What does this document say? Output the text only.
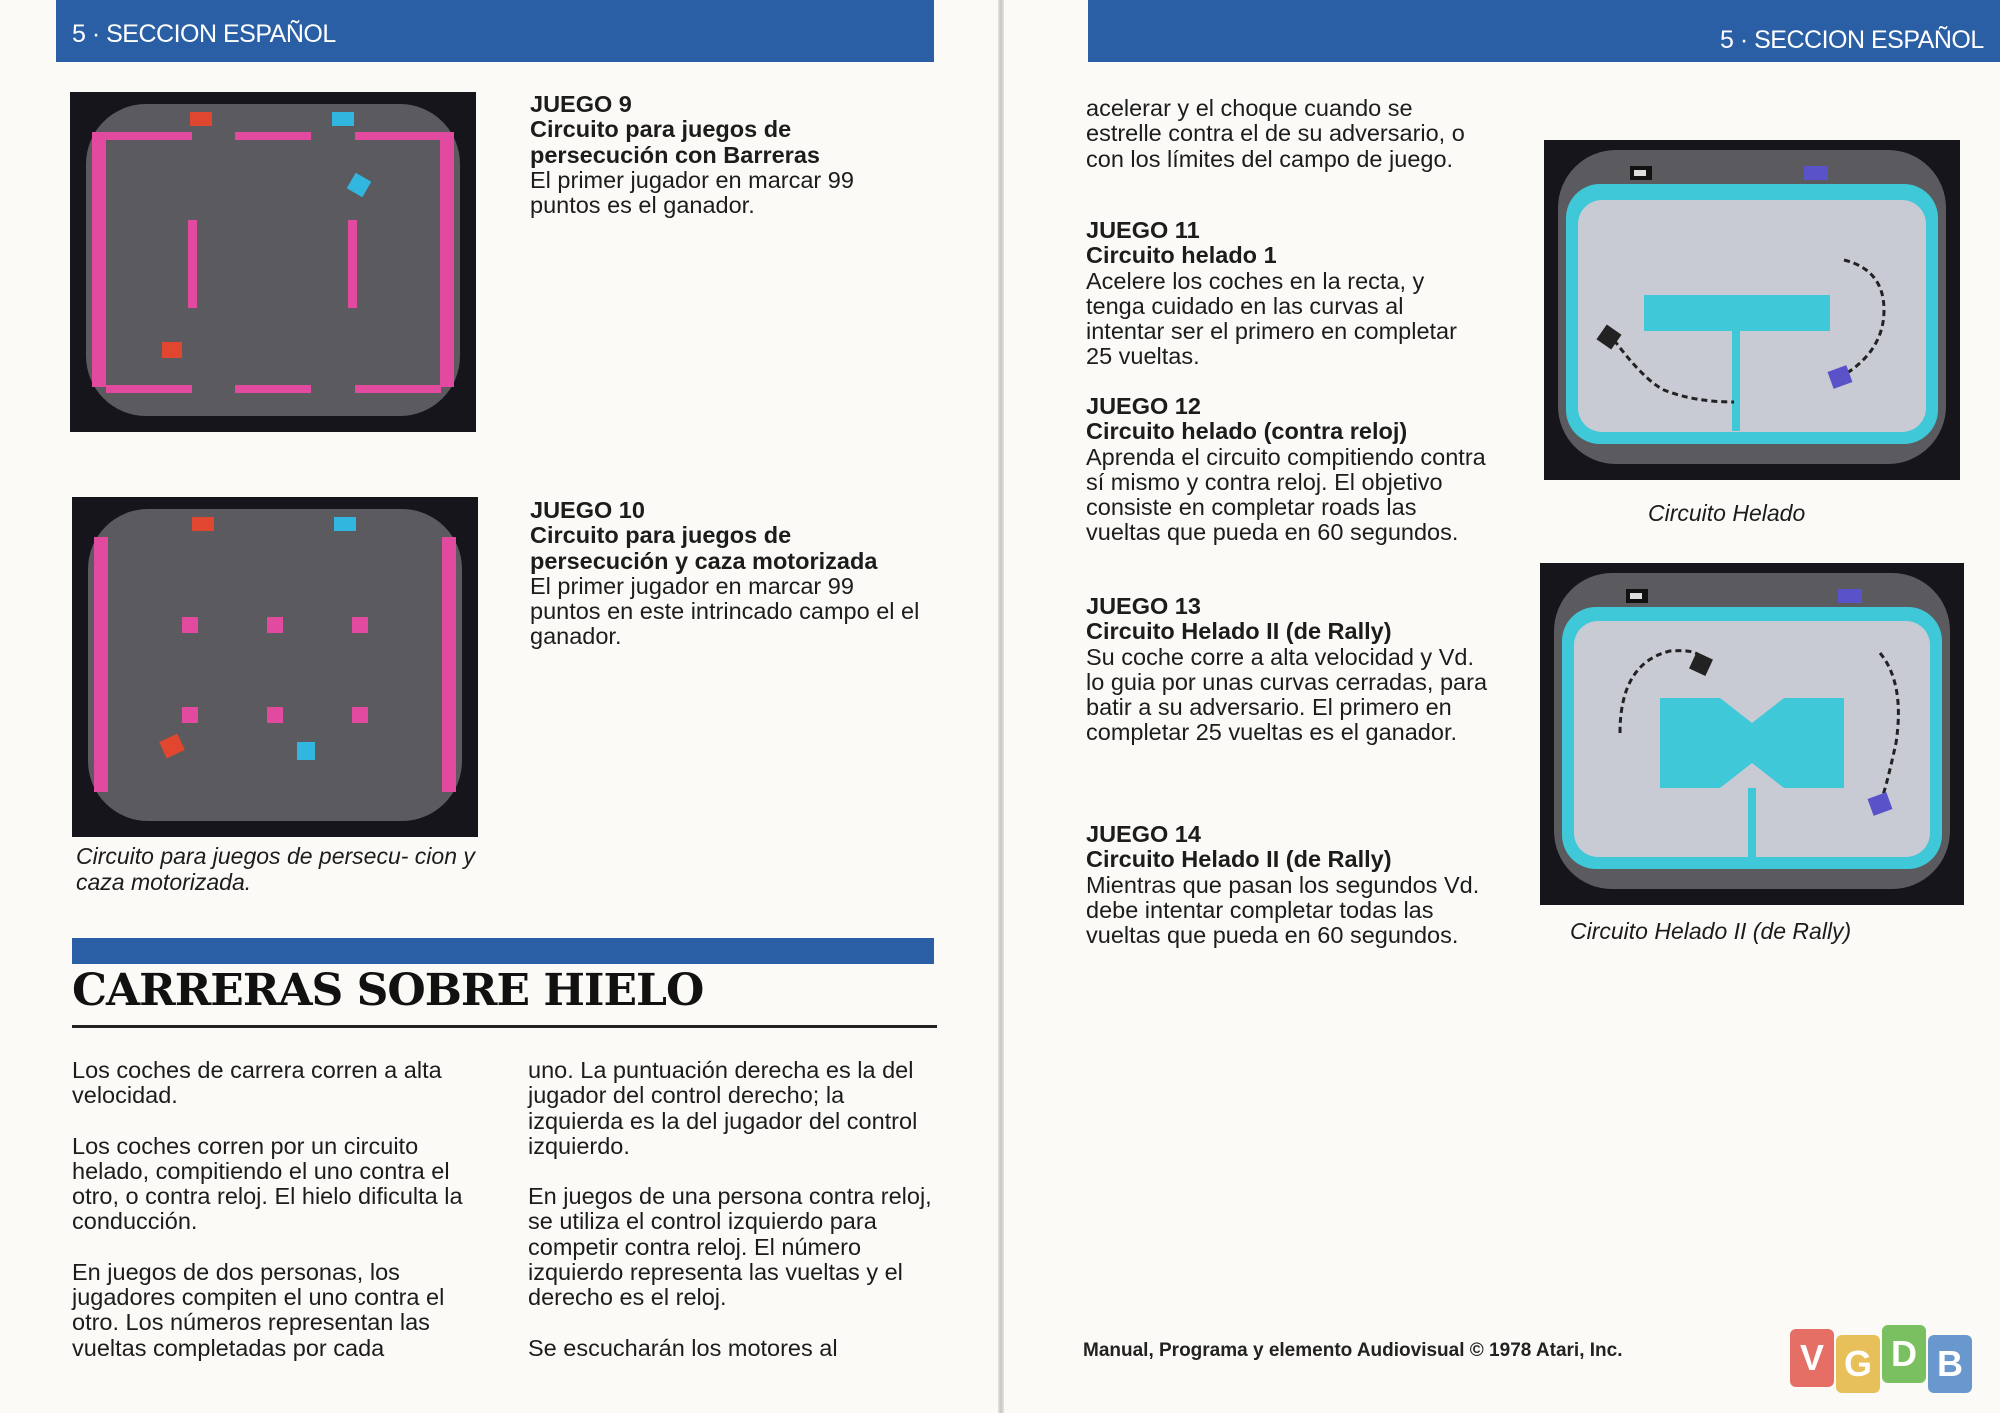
5 · SECCION ESPAÑOL	5 · SECCION ESPAÑOL
JUEGO 9
Circuito para juegos de persecución con Barreras
El primer jugador en marcar 99 puntos es el ganador.
JUEGO 10
Circuito para juegos de persecución y caza motorizada
El primer jugador en marcar 99 puntos en este intrincado campo el el ganador.
Circuito para juegos de persecu- cion y caza motorizada.
CARRERAS SOBRE HIELO

Los coches de carrera corren a alta velocidad.

Los coches corren por un circuito helado, compitiendo el uno contra el otro, o contra reloj. El hielo dificulta la conducción.

En juegos de dos personas, los jugadores compiten el uno contra el otro. Los números representan las vueltas completadas por cada

uno. La puntuación derecha es la del jugador del control derecho; la izquierda es la del jugador del control izquierdo.

En juegos de una persona contra reloj, se utiliza el control izquierdo para competir contra reloj. El número izquierdo representa las vueltas y el derecho es el reloj.

Se escucharán los motores al

acelerar y el choque cuando se estrelle contra el de su adversario, o con los límites del campo de juego.
JUEGO 11
Circuito helado 1
Acelere los coches en la recta, y tenga cuidado en las curvas al intentar ser el primero en completar 25 vueltas.
JUEGO 12
Circuito helado (contra reloj)
Aprenda el circuito compitiendo contra sí mismo y contra reloj. El objetivo consiste en completar roads las vueltas que pueda en 60 segundos.
JUEGO 13
Circuito Helado II (de Rally)
Su coche corre a alta velocidad y Vd. lo guia por unas curvas cerradas, para batir a su adversario. El primero en completar 25 vueltas es el ganador.
JUEGO 14
Circuito Helado II (de Rally)
Mientras que pasan los segundos Vd. debe intentar completar todas las vueltas que pueda en 60 segundos.
Circuito Helado
Circuito Helado II (de Rally)
Manual, Programa y elemento Audiovisual © 1978 Atari, Inc.	V G D B
